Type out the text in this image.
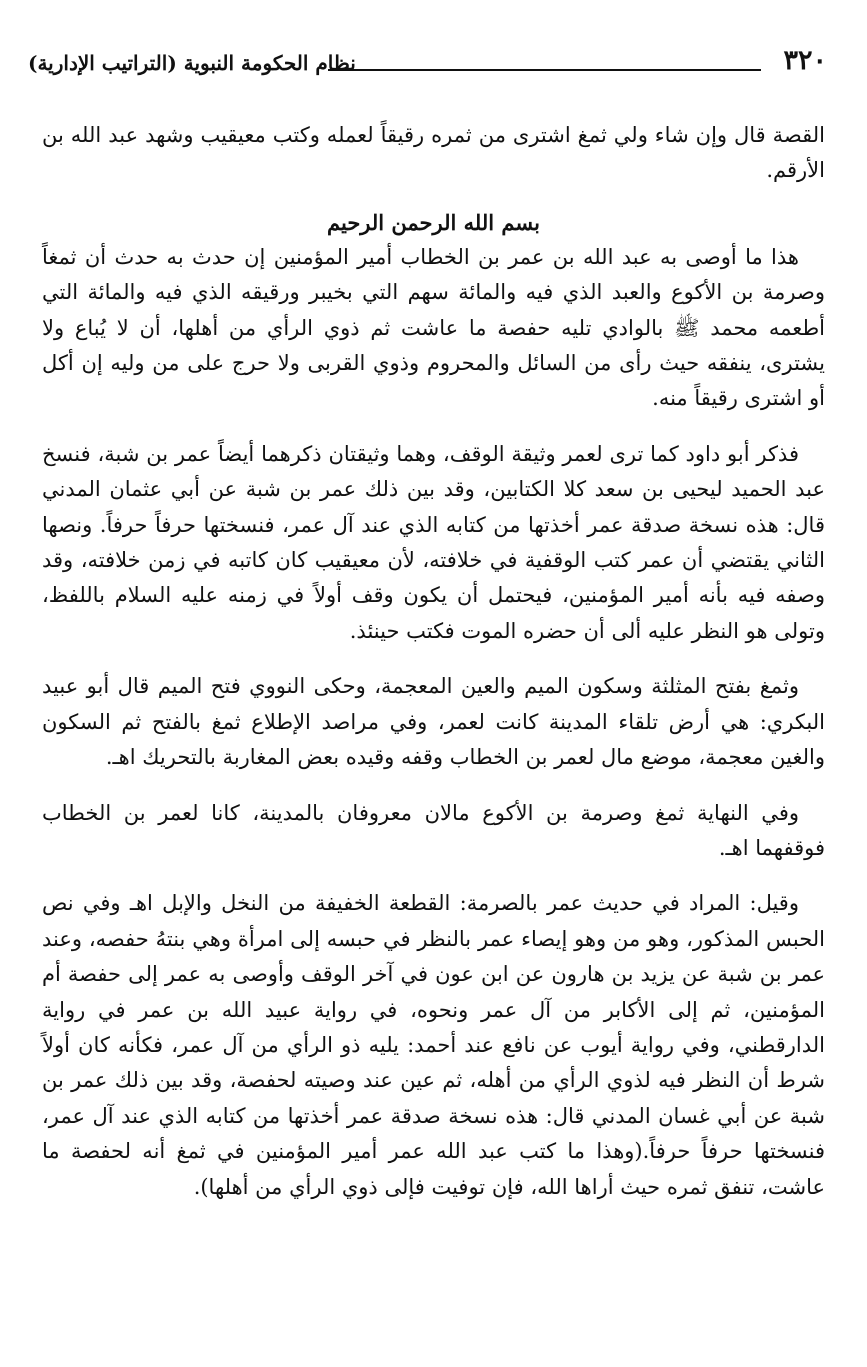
٣٢٠
نظام الحكومة النبوية (التراتيب الإدارية)

القصة قال وإن شاء ولي ثمغ اشترى من ثمره رقيقاً لعمله وكتب معيقيب وشهد عبد الله بن الأرقم.

بسم الله الرحمن الرحيم

هذا ما أوصى به عبد الله بن عمر بن الخطاب أمير المؤمنين إن حدث به حدث أن ثمغاً وصرمة بن الأكوع والعبد الذي فيه والمائة سهم التي بخيبر ورقيقه الذي فيه والمائة التي أطعمه محمد ﷺ بالوادي تليه حفصة ما عاشت ثم ذوي الرأي من أهلها، أن لا يُباع ولا يشترى، ينفقه حيث رأى من السائل والمحروم وذوي القربى ولا حرج على من وليه إن أكل أو اشترى رقيقاً منه.

فذكر أبو داود كما ترى لعمر وثيقة الوقف، وهما وثيقتان ذكرهما أيضاً عمر بن شبة، فنسخ عبد الحميد ليحيى بن سعد كلا الكتابين، وقد بين ذلك عمر بن شبة عن أبي عثمان المدني قال: هذه نسخة صدقة عمر أخذتها من كتابه الذي عند آل عمر، فنسختها حرفاً حرفاً. ونصها الثاني يقتضي أن عمر كتب الوقفية في خلافته، لأن معيقيب كان كاتبه في زمن خلافته، وقد وصفه فيه بأنه أمير المؤمنين، فيحتمل أن يكون وقف أولاً في زمنه عليه السلام باللفظ، وتولى هو النظر عليه ألى أن حضره الموت فكتب حينئذ.

وثمغ بفتح المثلثة وسكون الميم والعين المعجمة، وحكى النووي فتح الميم قال أبو عبيد البكري: هي أرض تلقاء المدينة كانت لعمر، وفي مراصد الإطلاع ثمغ بالفتح ثم السكون والغين معجمة، موضع مال لعمر بن الخطاب وقفه وقيده بعض المغاربة بالتحريك اهـ.

وفي النهاية ثمغ وصرمة بن الأكوع مالان معروفان بالمدينة، كانا لعمر بن الخطاب فوقفهما اهـ.

وقيل: المراد في حديث عمر بالصرمة: القطعة الخفيفة من النخل والإبل اهـ وفي نص الحبس المذكور، وهو من وهو إيصاء عمر بالنظر في حبسه إلى امرأة وهي بنتهُ حفصه، وعند عمر بن شبة عن يزيد بن هارون عن ابن عون في آخر الوقف وأوصى به عمر إلى حفصة أم المؤمنين، ثم إلى الأكابر من آل عمر ونحوه، في رواية عبيد الله بن عمر في رواية الدارقطني، وفي رواية أيوب عن نافع عند أحمد: يليه ذو الرأي من آل عمر، فكأنه كان أولاً شرط أن النظر فيه لذوي الرأي من أهله، ثم عين عند وصيته لحفصة، وقد بين ذلك عمر بن شبة عن أبي غسان المدني قال: هذه نسخة صدقة عمر أخذتها من كتابه الذي عند آل عمر، فنسختها حرفاً حرفاً.(وهذا ما كتب عبد الله عمر أمير المؤمنين في ثمغ أنه لحفصة ما عاشت، تنفق ثمره حيث أراها الله، فإن توفيت فإلى ذوي الرأي من أهلها).
